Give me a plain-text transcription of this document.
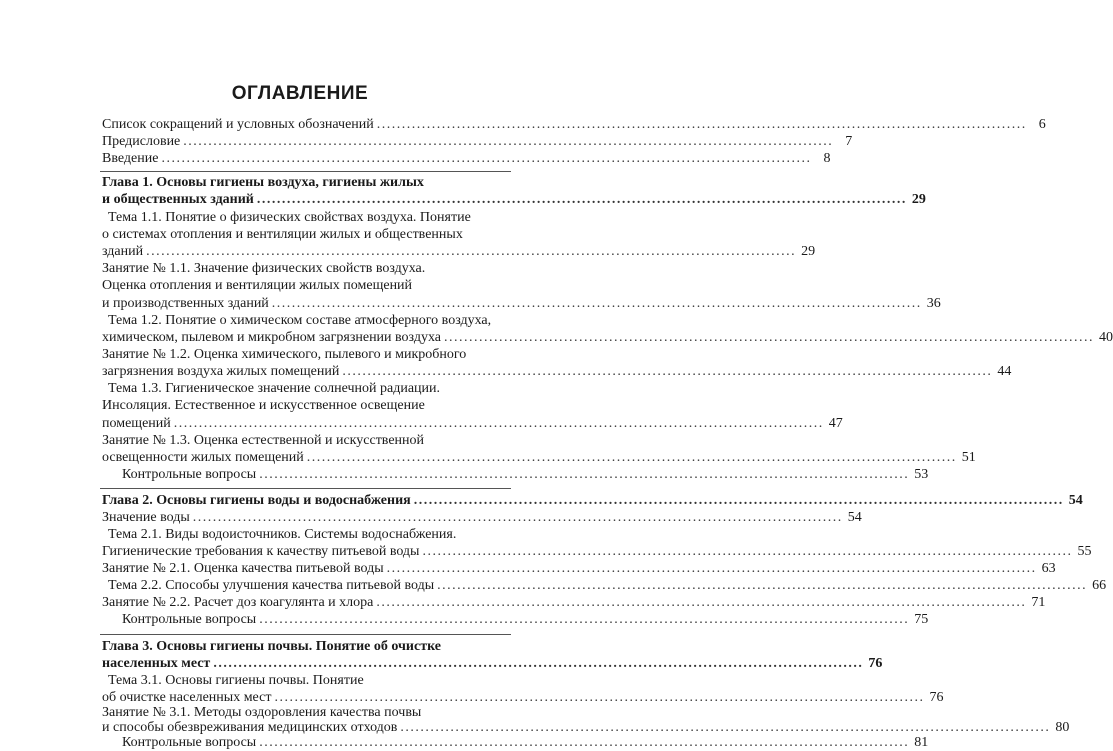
ОГЛАВЛЕНИЕ
Список сокращений и условных обозначений .................................................................................................................................. 6
Предисловие .................................................................................................................................. 7
Введение .................................................................................................................................. 8
Глава 1. Основы гигиены воздуха, гигиены жилых
и общественных зданий .................................................................................................................................. 29
Тема 1.1. Понятие о физических свойствах воздуха. Понятие
о системах отопления и вентиляции жилых и общественных
зданий .................................................................................................................................. 29
Занятие № 1.1. Значение физических свойств воздуха.
Оценка отопления и вентиляции жилых помещений
и производственных зданий .................................................................................................................................. 36
Тема 1.2. Понятие о химическом составе атмосферного воздуха,
химическом, пылевом и микробном загрязнении воздуха .................................................................................................................................. 40
Занятие № 1.2. Оценка химического, пылевого и микробного
загрязнения воздуха жилых помещений .................................................................................................................................. 44
Тема 1.3. Гигиеническое значение солнечной радиации.
Инсоляция. Естественное и искусственное освещение
помещений .................................................................................................................................. 47
Занятие № 1.3. Оценка естественной и искусственной
освещенности жилых помещений .................................................................................................................................. 51
Контрольные вопросы .................................................................................................................................. 53
Глава 2. Основы гигиены воды и водоснабжения .................................................................................................................................. 54
Значение воды .................................................................................................................................. 54
Тема 2.1. Виды водоисточников. Системы водоснабжения.
Гигиенические требования к качеству питьевой воды .................................................................................................................................. 55
Занятие № 2.1. Оценка качества питьевой воды .................................................................................................................................. 63
Тема 2.2. Способы улучшения качества питьевой воды .................................................................................................................................. 66
Занятие № 2.2. Расчет доз коагулянта и хлора .................................................................................................................................. 71
Контрольные вопросы .................................................................................................................................. 75
Глава 3. Основы гигиены почвы. Понятие об очистке
населенных мест .................................................................................................................................. 76
Тема 3.1. Основы гигиены почвы. Понятие
об очистке населенных мест .................................................................................................................................. 76
Занятие № 3.1. Методы оздоровления качества почвы
и способы обезвреживания медицинских отходов .................................................................................................................................. 80
Контрольные вопросы .................................................................................................................................. 81
